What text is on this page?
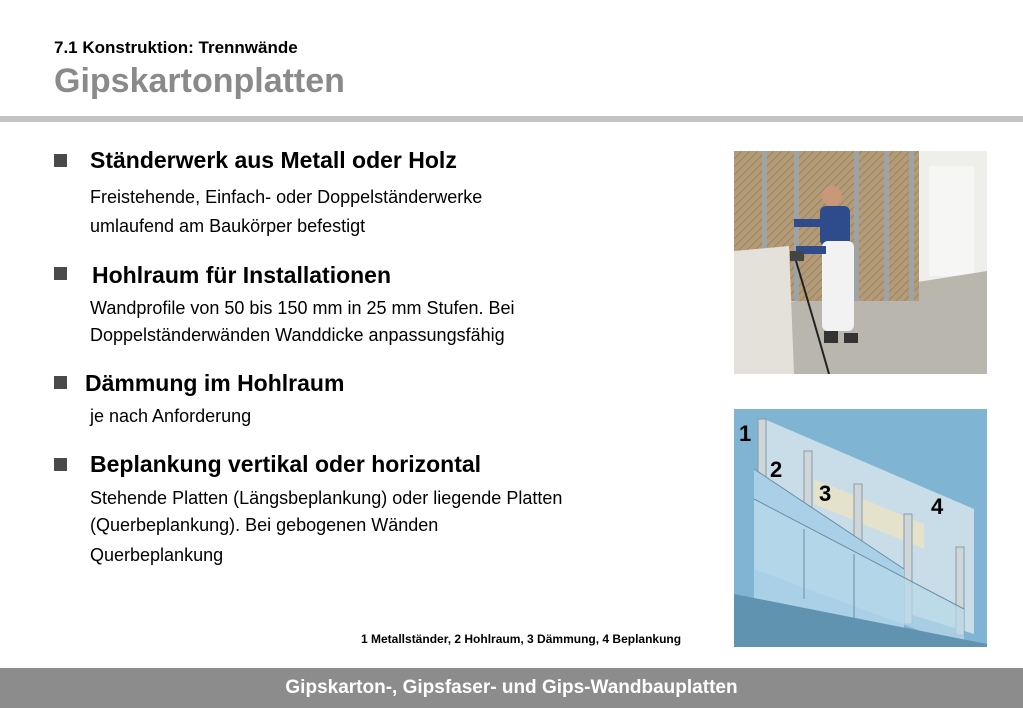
7.1 Konstruktion: Trennwände
Gipskartonplatten
Ständerwerk aus Metall oder Holz
Freistehende, Einfach- oder Doppelständerwerke
umlaufend am Baukörper befestigt
Hohlraum für Installationen
Wandprofile von 50 bis 150 mm in 25 mm Stufen. Bei
Doppelständerwänden Wanddicke anpassungsfähig
Dämmung im Hohlraum
je nach Anforderung
Beplankung vertikal oder horizontal
Stehende Platten (Längsbeplankung) oder liegende Platten
(Querbeplankung). Bei gebogenen Wänden
Querbeplankung
1
2
3
4
1 Metallständer, 2 Hohlraum, 3 Dämmung, 4 Beplankung
Gipskarton-, Gipsfaser- und Gips-Wandbauplatten
